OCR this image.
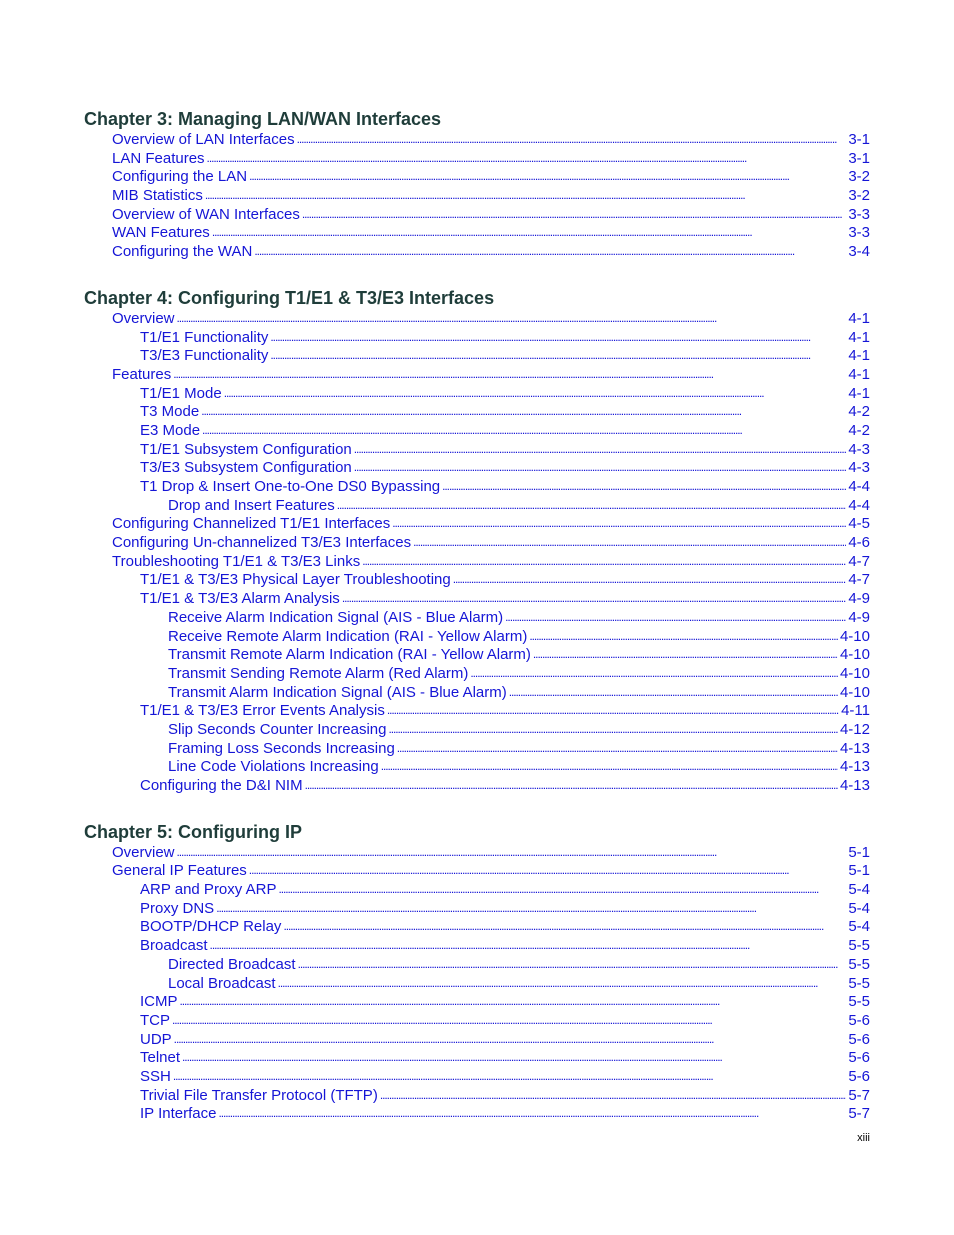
Chapter 3: Managing LAN/WAN Interfaces
Overview of LAN Interfaces . . .	3-1
LAN Features . . .	3-1
Configuring the LAN . . .	3-2
MIB Statistics . . .	3-2
Overview of WAN Interfaces . . .	3-3
WAN Features . . .	3-3
Configuring the WAN . . .	3-4
Chapter 4: Configuring T1/E1 & T3/E3 Interfaces
Overview . . .	4-1
T1/E1 Functionality . . .	4-1
T3/E3 Functionality . . .	4-1
Features . . .	4-1
T1/E1 Mode . . .	4-1
T3 Mode . . .	4-2
E3 Mode . . .	4-2
T1/E1 Subsystem Configuration . . .	4-3
T3/E3 Subsystem Configuration . . .	4-3
T1 Drop & Insert One-to-One DS0 Bypassing . . .	4-4
Drop and Insert Features . . .	4-4
Configuring Channelized T1/E1 Interfaces . . .	4-5
Configuring Un-channelized T3/E3 Interfaces . . .	4-6
Troubleshooting T1/E1 & T3/E3 Links . . .	4-7
T1/E1 & T3/E3 Physical Layer Troubleshooting . . .	4-7
T1/E1 & T3/E3 Alarm Analysis . . .	4-9
Receive Alarm Indication Signal (AIS - Blue Alarm) . . .	4-9
Receive Remote Alarm Indication (RAI - Yellow Alarm) . . .	4-10
Transmit Remote Alarm Indication (RAI - Yellow Alarm) . . .	4-10
Transmit Sending Remote Alarm (Red Alarm) . . .	4-10
Transmit Alarm Indication Signal (AIS - Blue Alarm) . . .	4-10
T1/E1 & T3/E3 Error Events Analysis . . .	4-11
Slip Seconds Counter Increasing . . .	4-12
Framing Loss Seconds Increasing . . .	4-13
Line Code Violations Increasing . . .	4-13
Configuring the D&I NIM . . .	4-13
Chapter 5: Configuring IP
Overview . . .	5-1
General IP Features . . .	5-1
ARP and Proxy ARP . . .	5-4
Proxy DNS . . .	5-4
BOOTP/DHCP Relay . . .	5-4
Broadcast . . .	5-5
Directed Broadcast . . .	5-5
Local Broadcast . . .	5-5
ICMP . . .	5-5
TCP . . .	5-6
UDP . . .	5-6
Telnet . . .	5-6
SSH . . .	5-6
Trivial File Transfer Protocol (TFTP) . . .	5-7
IP Interface . . .	5-7
xiii
